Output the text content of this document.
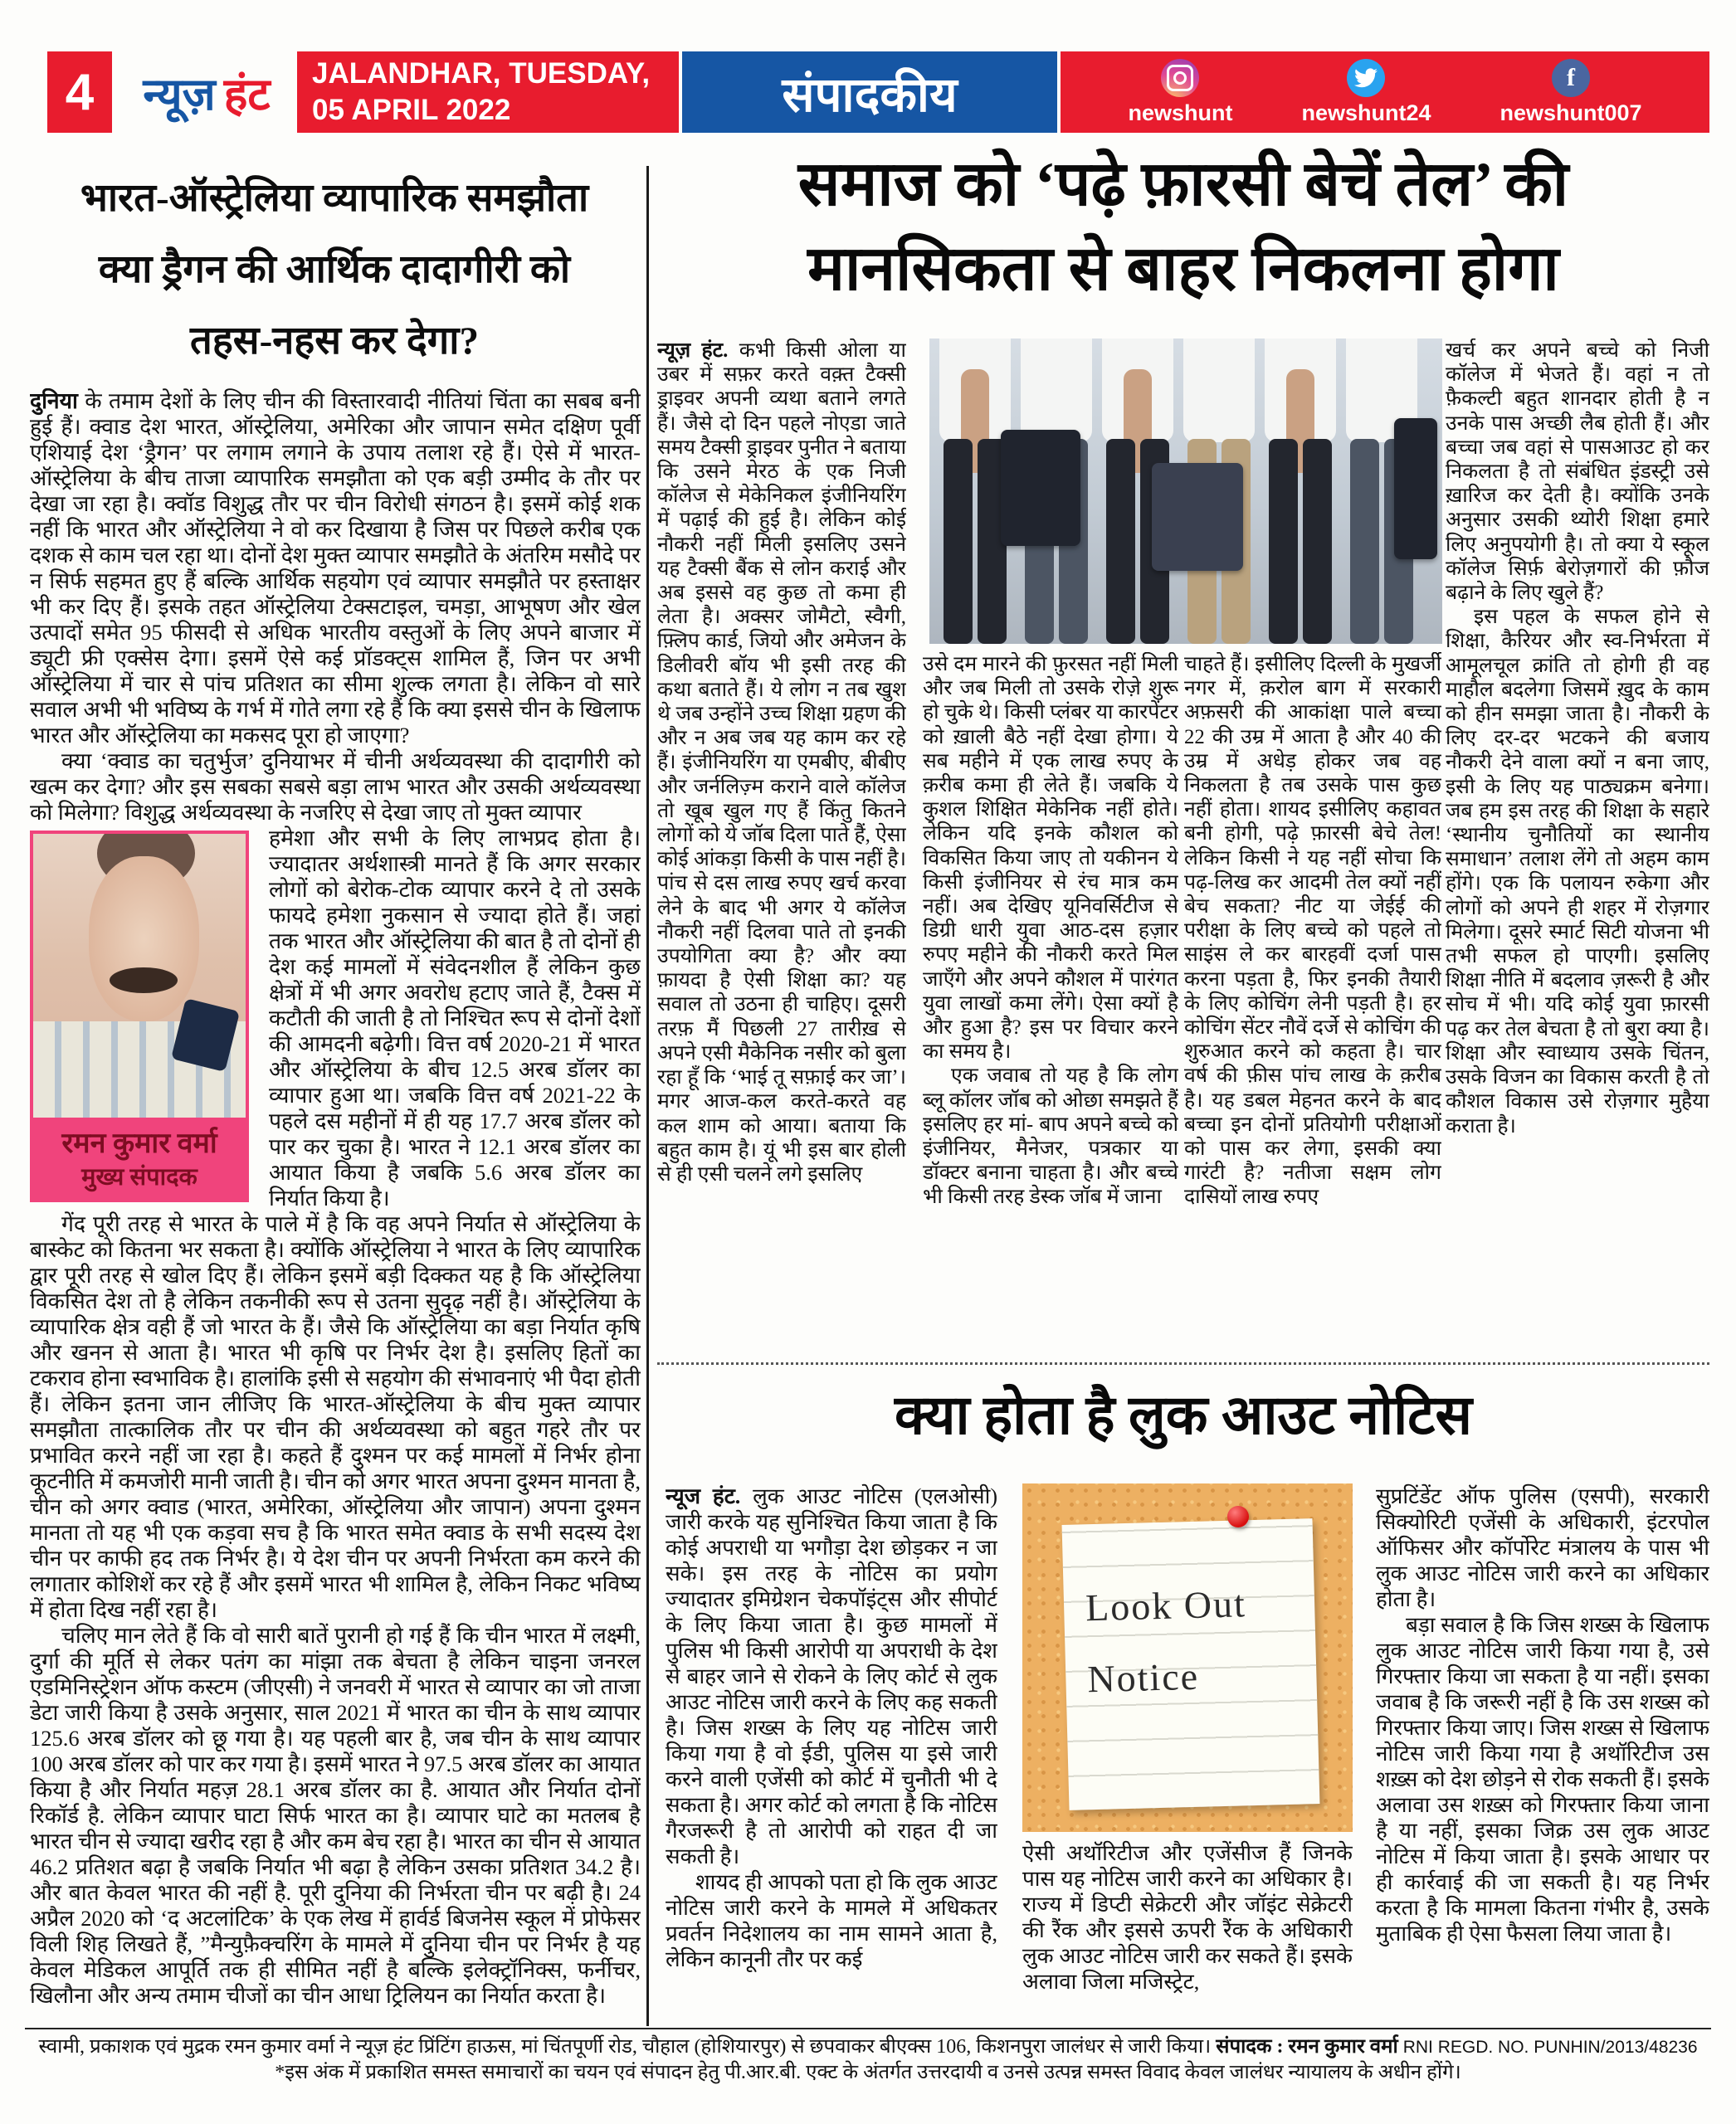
4	न्यूज़ हंट JALANDHAR, TUESDAY,
05 APRIL 2022	संपादकीय	newshunt	newshunt24
f
newshunt007
भारत-ऑस्ट्रेलिया व्यापारिक समझौता
क्या ड्रैगन की आर्थिक दादागीरी को
तहस-नहस कर देगा?

दुनिया के तमाम देशों के लिए चीन की विस्तारवादी नीतियां चिंता का सबब बनी हुई हैं। क्वाड देश भारत, ऑस्ट्रेलिया, अमेरिका और जापान समेत दक्षिण पूर्वी एशियाई देश ‘ड्रैगन’ पर लगाम लगाने के उपाय तलाश रहे हैं। ऐसे में भारत-ऑस्ट्रेलिया के बीच ताजा व्यापारिक समझौता को एक बड़ी उम्मीद के तौर पर देखा जा रहा है। क्वॉड विशुद्ध तौर पर चीन विरोधी संगठन है। इसमें कोई शक नहीं कि भारत और ऑस्ट्रेलिया ने वो कर दिखाया है जिस पर पिछले करीब एक दशक से काम चल रहा था। दोनों देश मुक्त व्यापार समझौते के अंतरिम मसौदे पर न सिर्फ सहमत हुए हैं बल्कि आर्थिक सहयोग एवं व्यापार समझौते पर हस्ताक्षर भी कर दिए हैं। इसके तहत ऑस्ट्रेलिया टेक्सटाइल, चमड़ा, आभूषण और खेल उत्पादों समेत 95 फीसदी से अधिक भारतीय वस्तुओं के लिए अपने बाजार में ड्यूटी फ्री एक्सेस देगा। इसमें ऐसे कई प्रॉडक्ट्स शामिल हैं, जिन पर अभी ऑस्ट्रेलिया में चार से पांच प्रतिशत का सीमा शुल्क लगता है। लेकिन वो सारे सवाल अभी भी भविष्य के गर्भ में गोते लगा रहे हैं कि क्या इससे चीन के खिलाफ भारत और ऑस्ट्रेलिया का मकसद पूरा हो जाएगा?

क्या ‘क्वाड का चतुर्भुज’ दुनियाभर में चीनी अर्थव्यवस्था की दादागीरी को खत्म कर देगा? और इस सबका सबसे बड़ा लाभ भारत और उसकी अर्थव्यवस्था को मिलेगा? विशुद्ध अर्थव्यवस्था के नजरिए से देखा जाए तो मुक्त व्यापार

रमन कुमार वर्मा
मुख्य संपादक
हमेशा और सभी के लिए लाभप्रद होता है। ज्यादातर अर्थशास्त्री मानते हैं कि अगर सरकार लोगों को बेरोक-टोक व्यापार करने दे तो उसके फायदे हमेशा नुकसान से ज्यादा होते हैं। जहां तक भारत और ऑस्ट्रेलिया की बात है तो दोनों ही देश कई मामलों में संवेदनशील हैं लेकिन कुछ क्षेत्रों में भी अगर अवरोध हटाए जाते हैं, टैक्स में कटौती की जाती है तो निश्चित रूप से दोनों देशों की आमदनी बढ़ेगी। वित्त वर्ष 2020-21 में भारत और ऑस्ट्रेलिया के बीच 12.5 अरब डॉलर का व्यापार हुआ था। जबकि वित्त वर्ष 2021-22 के पहले दस महीनों में ही यह 17.7 अरब डॉलर को पार कर चुका है। भारत ने 12.1 अरब डॉलर का आयात किया है जबकि 5.6 अरब डॉलर का निर्यात किया है।

गेंद पूरी तरह से भारत के पाले में है कि वह अपने निर्यात से ऑस्ट्रेलिया के बास्केट को कितना भर सकता है। क्योंकि ऑस्ट्रेलिया ने भारत के लिए व्यापारिक द्वार पूरी तरह से खोल दिए हैं। लेकिन इसमें बड़ी दिक्कत यह है कि ऑस्ट्रेलिया विकसित देश तो है लेकिन तकनीकी रूप से उतना सुदृढ़ नहीं है। ऑस्ट्रेलिया के व्यापारिक क्षेत्र वही हैं जो भारत के हैं। जैसे कि ऑस्ट्रेलिया का बड़ा निर्यात कृषि और खनन से आता है। भारत भी कृषि पर निर्भर देश है। इसलिए हितों का टकराव होना स्वभाविक है। हालांकि इसी से सहयोग की संभावनाएं भी पैदा होती हैं। लेकिन इतना जान लीजिए कि भारत-ऑस्ट्रेलिया के बीच मुक्त व्यापार समझौता तात्कालिक तौर पर चीन की अर्थव्यवस्था को बहुत गहरे तौर पर प्रभावित करने नहीं जा रहा है। कहते हैं दुश्मन पर कई मामलों में निर्भर होना कूटनीति में कमजोरी मानी जाती है। चीन को अगर भारत अपना दुश्मन मानता है, चीन को अगर क्वाड (भारत, अमेरिका, ऑस्ट्रेलिया और जापान) अपना दुश्मन मानता तो यह भी एक कड़वा सच है कि भारत समेत क्वाड के सभी सदस्य देश चीन पर काफी हद तक निर्भर है। ये देश चीन पर अपनी निर्भरता कम करने की लगातार कोशिशें कर रहे हैं और इसमें भारत भी शामिल है, लेकिन निकट भविष्य में होता दिख नहीं रहा है।

चलिए मान लेते हैं कि वो सारी बातें पुरानी हो गई हैं कि चीन भारत में लक्ष्मी, दुर्गा की मूर्ति से लेकर पतंग का मांझा तक बेचता है लेकिन चाइना जनरल एडमिनिस्ट्रेशन ऑफ कस्टम (जीएसी) ने जनवरी में भारत से व्यापार का जो ताजा डेटा जारी किया है उसके अनुसार, साल 2021 में भारत का चीन के साथ व्यापार 125.6 अरब डॉलर को छू गया है। यह पहली बार है, जब चीन के साथ व्यापार 100 अरब डॉलर को पार कर गया है। इसमें भारत ने 97.5 अरब डॉलर का आयात किया है और निर्यात महज़ 28.1 अरब डॉलर का है. आयात और निर्यात दोनों रिकॉर्ड है. लेकिन व्यापार घाटा सिर्फ भारत का है। व्यापार घाटे का मतलब है भारत चीन से ज्यादा खरीद रहा है और कम बेच रहा है। भारत का चीन से आयात 46.2 प्रतिशत बढ़ा है जबकि निर्यात भी बढ़ा है लेकिन उसका प्रतिशत 34.2 है। और बात केवल भारत की नहीं है. पूरी दुनिया की निर्भरता चीन पर बढ़ी है। 24 अप्रैल 2020 को ‘द अटलांटिक’ के एक लेख में हार्वर्ड बिजनेस स्कूल में प्रोफेसर विली शिह लिखते हैं, ”मैन्युफ़ैक्चरिंग के मामले में दुनिया चीन पर निर्भर है यह केवल मेडिकल आपूर्ति तक ही सीमित नहीं है बल्कि इलेक्ट्रॉनिक्स, फर्नीचर, खिलौना और अन्य तमाम चीजों का चीन आधा ट्रिलियन का निर्यात करता है।

समाज को ‘पढ़े फ़ारसी बेचें तेल’ की
मानसिकता से बाहर निकलना होगा

न्यूज़ हंट. कभी किसी ओला या उबर में सफ़र करते वक़्त टैक्सी ड्राइवर अपनी व्यथा बताने लगते हैं। जैसे दो दिन पहले नोएडा जाते समय टैक्सी ड्राइवर पुनीत ने बताया कि उसने मेरठ के एक निजी कॉलेज से मेकेनिकल इंजीनियरिंग में पढ़ाई की हुई है। लेकिन कोई नौकरी नहीं मिली इसलिए उसने यह टैक्सी बैंक से लोन कराई और अब इससे वह कुछ तो कमा ही लेता है। अक्सर जोमैटो, स्वैगी, फ़्लिप कार्ड, जियो और अमेजन के डिलीवरी बॉय भी इसी तरह की कथा बताते हैं। ये लोग न तब खुश थे जब उन्होंने उच्च शिक्षा ग्रहण की और न अब जब यह काम कर रहे हैं। इंजीनियरिंग या एमबीए, बीबीए और जर्नलिज़्म कराने वाले कॉलेज तो खूब खुल गए हैं किंतु कितने लोगों को ये जॉब दिला पाते हैं, ऐसा कोई आंकड़ा किसी के पास नहीं है। पांच से दस लाख रुपए खर्च करवा लेने के बाद भी अगर ये कॉलेज नौकरी नहीं दिलवा पाते तो इनकी उपयोगिता क्या है? और क्या फ़ायदा है ऐसी शिक्षा का? यह सवाल तो उठना ही चाहिए। दूसरी तरफ़ मैं पिछली 27 तारीख़ से अपने एसी मैकेनिक नसीर को बुला रहा हूँ कि ‘भाई तू सफ़ाई कर जा’। मगर आज-कल करते-करते वह कल शाम को आया। बताया कि बहुत काम है। यूं भी इस बार होली से ही एसी चलने लगे इसलिए

उसे दम मारने की फ़ुरसत नहीं मिली और जब मिली तो उसके रोज़े शुरू हो चुके थे। किसी प्लंबर या कारपेंटर को ख़ाली बैठे नहीं देखा होगा। ये सब महीने में एक लाख रुपए के क़रीब कमा ही लेते हैं। जबकि ये कुशल शिक्षित मेकेनिक नहीं होते। लेकिन यदि इनके कौशल को विकसित किया जाए तो यकीनन ये किसी इंजीनियर से रंच मात्र कम नहीं। अब देखिए यूनिवर्सिटीज से डिग्री धारी युवा आठ-दस हज़ार रुपए महीने की नौकरी करते मिल जाएँगे और अपने कौशल में पारंगत युवा लाखों कमा लेंगे। ऐसा क्यों है और हुआ है? इस पर विचार करने का समय है।

एक जवाब तो यह है कि लोग ब्लू कॉलर जॉब को ओछा समझते हैं इसलिए हर मां- बाप अपने बच्चे को इंजीनियर, मैनेजर, पत्रकार या डॉक्टर बनाना चाहता है। और बच्चे भी किसी तरह डेस्क जॉब में जाना

चाहते हैं। इसीलिए दिल्ली के मुखर्जी नगर में, क़रोल बाग में सरकारी अफ़सरी की आकांक्षा पाले बच्चा 22 की उम्र में आता है और 40 की उम्र में अधेड़ होकर जब वह निकलता है तब उसके पास कुछ नहीं होता। शायद इसीलिए कहावत बनी होगी, पढ़े फ़ारसी बेचे तेल! लेकिन किसी ने यह नहीं सोचा कि पढ़-लिख कर आदमी तेल क्यों नहीं बेच सकता? नीट या जेईई की परीक्षा के लिए बच्चे को पहले तो साइंस ले कर बारहवीं दर्जा पास करना पड़ता है, फिर इनकी तैयारी के लिए कोचिंग लेनी पड़ती है। हर कोचिंग सेंटर नौवें दर्जे से कोचिंग की शुरुआत करने को कहता है। चार वर्ष की फ़ीस पांच लाख के क़रीब है। यह डबल मेहनत करने के बाद बच्चा इन दोनों प्रतियोगी परीक्षाओं को पास कर लेगा, इसकी क्या गारंटी है? नतीजा सक्षम लोग दासियों लाख रुपए

खर्च कर अपने बच्चे को निजी कॉलेज में भेजते हैं। वहां न तो फ़ैकल्टी बहुत शानदार होती है न उनके पास अच्छी लैब होती हैं। और बच्चा जब वहां से पासआउट हो कर निकलता है तो संबंधित इंडस्ट्री उसे ख़ारिज कर देती है। क्योंकि उनके अनुसार उसकी थ्योरी शिक्षा हमारे लिए अनुपयोगी है। तो क्या ये स्कूल कॉलेज सिर्फ़ बेरोज़गारों की फ़ौज बढ़ाने के लिए खुले हैं?

इस पहल के सफल होने से शिक्षा, कैरियर और स्व-निर्भरता में आमूलचूल क्रांति तो होगी ही वह माहौल बदलेगा जिसमें ख़ुद के काम को हीन समझा जाता है। नौकरी के लिए दर-दर भटकने की बजाय नौकरी देने वाला क्यों न बना जाए, इसी के लिए यह पाठ्यक्रम बनेगा। जब हम इस तरह की शिक्षा के सहारे ‘स्थानीय चुनौतियों का स्थानीय समाधान’ तलाश लेंगे तो अहम काम होंगे। एक कि पलायन रुकेगा और लोगों को अपने ही शहर में रोज़गार मिलेगा। दूसरे स्मार्ट सिटी योजना भी तभी सफल हो पाएगी। इसलिए शिक्षा नीति में बदलाव ज़रूरी है और सोच में भी। यदि कोई युवा फ़ारसी पढ़ कर तेल बेचता है तो बुरा क्या है। शिक्षा और स्वाध्याय उसके चिंतन, उसके विजन का विकास करती है तो कौशल विकास उसे रोज़गार मुहैया कराता है।

क्या होता है लुक आउट नोटिस

न्यूज हंट. लुक आउट नोटिस (एलओसी) जारी करके यह सुनिश्चित किया जाता है कि कोई अपराधी या भगौड़ा देश छोड़कर न जा सके। इस तरह के नोटिस का प्रयोग ज्यादातर इमिग्रेशन चेकपॉइंट्स और सीपोर्ट के लिए किया जाता है। कुछ मामलों में पुलिस भी किसी आरोपी या अपराधी के देश से बाहर जाने से रोकने के लिए कोर्ट से लुक आउट नोटिस जारी करने के लिए कह सकती है। जिस शख्स के लिए यह नोटिस जारी किया गया है वो ईडी, पुलिस या इसे जारी करने वाली एजेंसी को कोर्ट में चुनौती भी दे सकता है। अगर कोर्ट को लगता है कि नोटिस गैरजरूरी है तो आरोपी को राहत दी जा सकती है।

शायद ही आपको पता हो कि लुक आउट नोटिस जारी करने के मामले में अधिकतर प्रवर्तन निदेशालय का नाम सामने आता है, लेकिन कानूनी तौर पर कई

Look Out
Notice

ऐसी अथॉरिटीज और एजेंसीज हैं जिनके पास यह नोटिस जारी करने का अधिकार है। राज्य में डिप्टी सेक्रेटरी और जॉइंट सेक्रेटरी की रैंक और इससे ऊपरी रैंक के अधिकारी लुक आउट नोटिस जारी कर सकते हैं। इसके अलावा जिला मजिस्ट्रेट,

सुप्रटिंडेंट ऑफ पुलिस (एसपी), सरकारी सिक्योरिटी एजेंसी के अधिकारी, इंटरपोल ऑफिसर और कॉर्पोरेट मंत्रालय के पास भी लुक आउट नोटिस जारी करने का अधिकार होता है।

बड़ा सवाल है कि जिस शख्स के खिलाफ लुक आउट नोटिस जारी किया गया है, उसे गिरफ्तार किया जा सकता है या नहीं। इसका जवाब है कि जरूरी नहीं है कि उस शख्स को गिरफ्तार किया जाए। जिस शख्स से खिलाफ नोटिस जारी किया गया है अथॉरिटीज उस शख़्स को देश छोड़ने से रोक सकती हैं। इसके अलावा उस शख़्स को गिरफ्तार किया जाना है या नहीं, इसका जिक्र उस लुक आउट नोटिस में किया जाता है। इसके आधार पर ही कार्रवाई की जा सकती है। यह निर्भर करता है कि मामला कितना गंभीर है, उसके मुताबिक ही ऐसा फैसला लिया जाता है।

स्वामी, प्रकाशक एवं मुद्रक रमन कुमार वर्मा ने न्यूज़ हंट प्रिंटिंग हाऊस, मां चिंतपूर्णी रोड, चौहाल (होशियारपुर) से छपवाकर बीएक्स 106, किशनपुरा जालंधर से जारी किया। संपादक : रमन कुमार वर्मा RNI REGD. NO. PUNHIN/2013/48236
*इस अंक में प्रकाशित समस्त समाचारों का चयन एवं संपादन हेतु पी.आर.बी. एक्ट के अंतर्गत उत्तरदायी व उनसे उत्पन्न समस्त विवाद केवल जालंधर न्यायालय के अधीन होंगे।
